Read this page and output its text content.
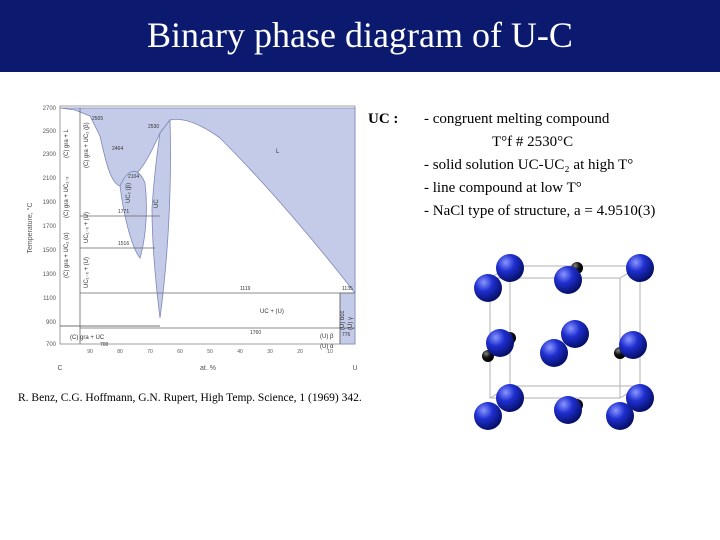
Binary phase diagram of U-C
2700
2500
2300
2100
1900
1700
1500
1300
1100
900
700
Temperature, °C
90	80	70	60	50	40	30	20	10
C	at. %	U
L
UC
(C) gra + L (C) gra + UC₂ (β)
UC₂ (β)
(C) gra + UC₁₋ₓ
UC₁₋ₓ + (U)
(C) gra + UC₂ (α) UC₁₋ₓ + (U)
(C) gra + UC
(U) bcc (U) γ
(U) β
(U) α
UC + (U)
2505
2530
2464
2104
1771
1516
1119	1135
776
1760
700
R. Benz, C.G. Hoffmann, G.N. Rupert, High Temp. Science, 1 (1969) 342.
UC : - congruent melting compound
T°f # 2530°C
- solid solution UC-UC₂ at high T°
- line compound at low T°
- NaCl type of structure, a = 4.9510(3)
